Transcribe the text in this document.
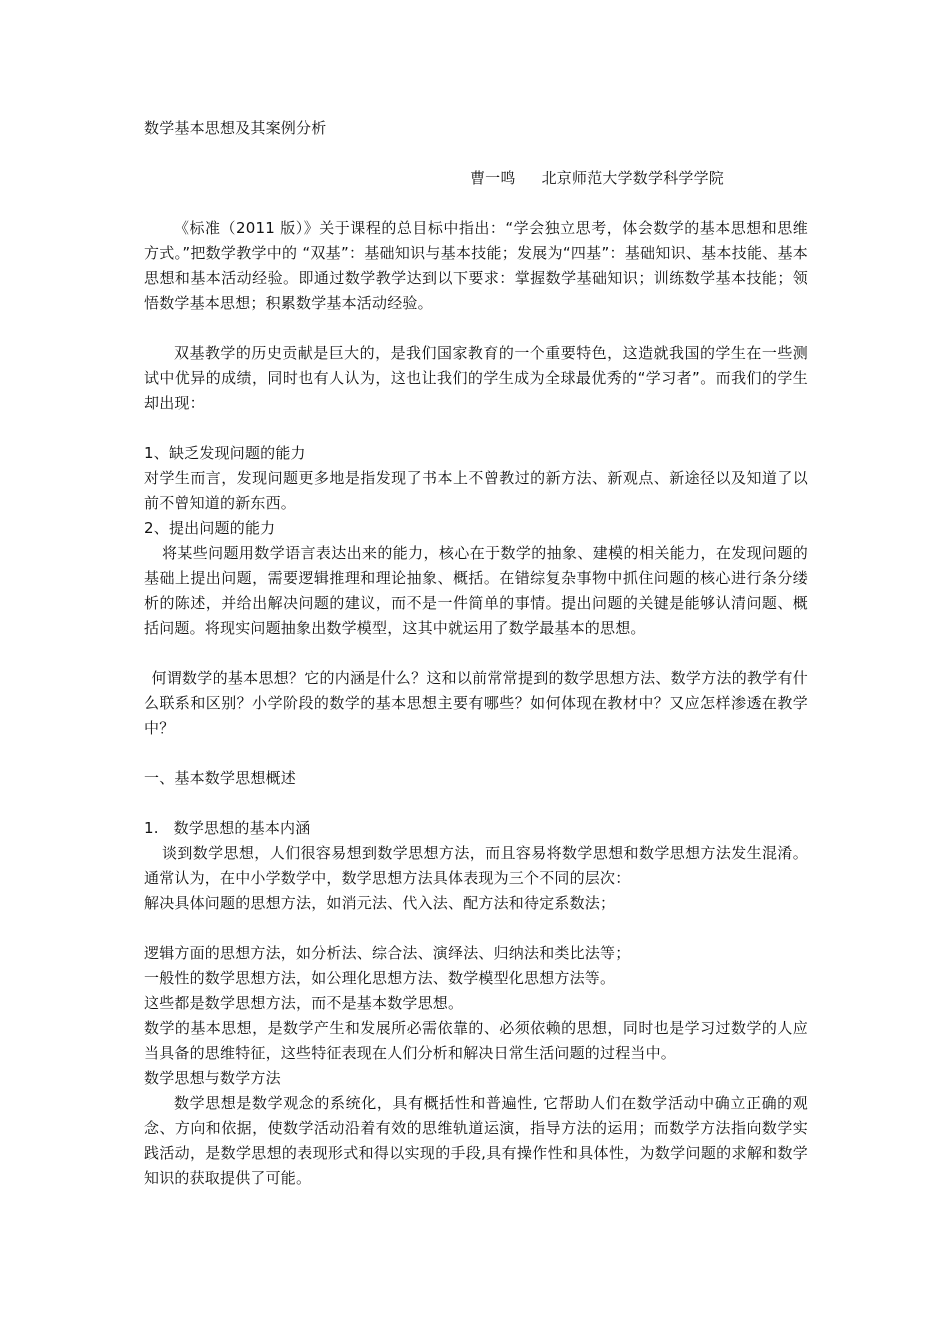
数学基本思想及其案例分析

曹一鸣 北京师范大学数学科学学院

《标准（2011 版）》关于课程的总目标中指出：“学会独立思考，体会数学的基本思想和思维方式。”把数学教学中的 “双基”：基础知识与基本技能；发展为“四基”：基础知识、基本技能、基本思想和基本活动经验。即通过数学教学达到以下要求：掌握数学基础知识；训练数学基本技能；领悟数学基本思想；积累数学基本活动经验。

双基教学的历史贡献是巨大的，是我们国家教育的一个重要特色，这造就我国的学生在一些测试中优异的成绩，同时也有人认为，这也让我们的学生成为全球最优秀的“学习者”。而我们的学生却出现：

1、缺乏发现问题的能力

对学生而言，发现问题更多地是指发现了书本上不曾教过的新方法、新观点、新途径以及知道了以前不曾知道的新东西。

2、提出问题的能力

将某些问题用数学语言表达出来的能力，核心在于数学的抽象、建模的相关能力，在发现问题的基础上提出问题，需要逻辑推理和理论抽象、概括。在错综复杂事物中抓住问题的核心进行条分缕析的陈述，并给出解决问题的建议，而不是一件简单的事情。提出问题的关键是能够认清问题、概括问题。将现实问题抽象出数学模型，这其中就运用了数学最基本的思想。

何谓数学的基本思想？它的内涵是什么？这和以前常常提到的数学思想方法、数学方法的教学有什么联系和区别？小学阶段的数学的基本思想主要有哪些？如何体现在教材中？又应怎样渗透在教学中？

一、基本数学思想概述

1.   数学思想的基本内涵

谈到数学思想，人们很容易想到数学思想方法，而且容易将数学思想和数学思想方法发生混淆。通常认为，在中小学数学中，数学思想方法具体表现为三个不同的层次：

解决具体问题的思想方法，如消元法、代入法、配方法和待定系数法；

逻辑方面的思想方法，如分析法、综合法、演绎法、归纳法和类比法等；

一般性的数学思想方法，如公理化思想方法、数学模型化思想方法等。

这些都是数学思想方法，而不是基本数学思想。

数学的基本思想，是数学产生和发展所必需依靠的、必须依赖的思想，同时也是学习过数学的人应当具备的思维特征，这些特征表现在人们分析和解决日常生活问题的过程当中。

数学思想与数学方法

数学思想是数学观念的系统化，具有概括性和普遍性, 它帮助人们在数学活动中确立正确的观念、方向和依据，使数学活动沿着有效的思维轨道运演，指导方法的运用；而数学方法指向数学实践活动，是数学思想的表现形式和得以实现的手段,具有操作性和具体性，为数学问题的求解和数学知识的获取提供了可能。
